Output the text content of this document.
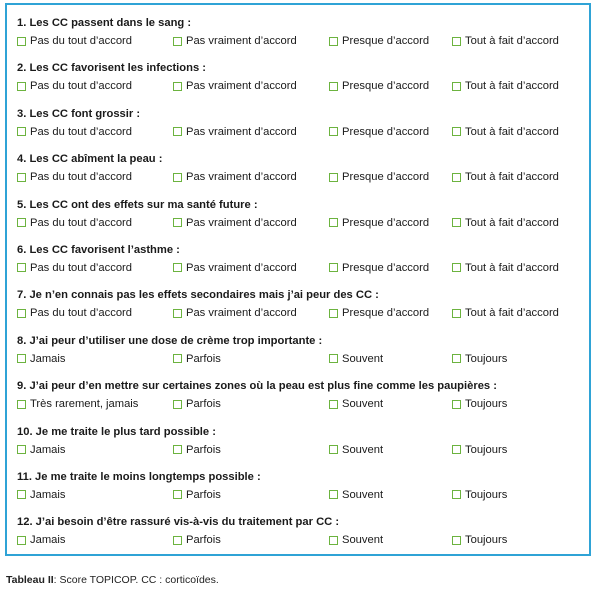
1. Les CC passent dans le sang :
Pas du tout d’accord	Pas vraiment d’accord	Presque d’accord	Tout à fait d’accord
2. Les CC favorisent les infections :
Pas du tout d’accord	Pas vraiment d’accord	Presque d’accord	Tout à fait d’accord
3. Les CC font grossir :
Pas du tout d’accord	Pas vraiment d’accord	Presque d’accord	Tout à fait d’accord
4. Les CC abîment la peau :
Pas du tout d’accord	Pas vraiment d’accord	Presque d’accord	Tout à fait d’accord
5. Les CC ont des effets sur ma santé future :
Pas du tout d’accord	Pas vraiment d’accord	Presque d’accord	Tout à fait d’accord
6. Les CC favorisent l’asthme :
Pas du tout d’accord	Pas vraiment d’accord	Presque d’accord	Tout à fait d’accord
7. Je n’en connais pas les effets secondaires mais j’ai peur des CC :
Pas du tout d’accord	Pas vraiment d’accord	Presque d’accord	Tout à fait d’accord
8. J’ai peur d’utiliser une dose de crème trop importante :
Jamais	Parfois	Souvent	Toujours
9. J’ai peur d’en mettre sur certaines zones où la peau est plus fine comme les paupières :
Très rarement, jamais	Parfois	Souvent	Toujours
10. Je me traite le plus tard possible :
Jamais	Parfois	Souvent	Toujours
11. Je me traite le moins longtemps possible :
Jamais	Parfois	Souvent	Toujours
12. J’ai besoin d’être rassuré vis-à-vis du traitement par CC :
Jamais	Parfois	Souvent	Toujours
Tableau II: Score TOPICOP. CC : corticoïdes.
